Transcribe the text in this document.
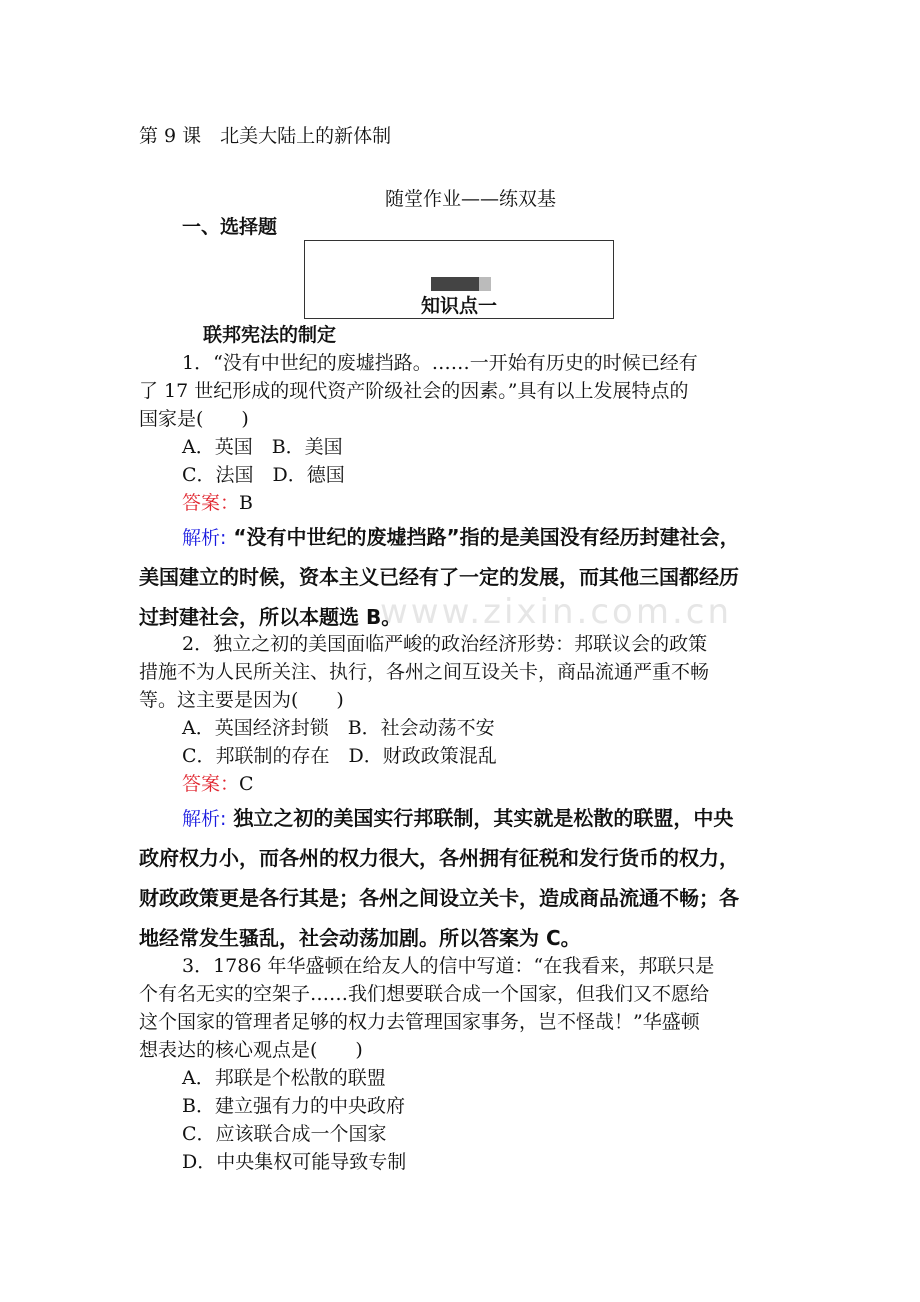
www.zixin.com.cn
第 9 课　北美大陆上的新体制
随堂作业——练双基
一、选择题
知识点一
联邦宪法的制定
1．“没有中世纪的废墟挡路。……一开始有历史的时候已经有
了 17 世纪形成的现代资产阶级社会的因素。”具有以上发展特点的
国家是(　　)
A．英国　B．美国
C．法国　D．德国
答案：B
解析: “没有中世纪的废墟挡路”指的是美国没有经历封建社会，
美国建立的时候，资本主义已经有了一定的发展，而其他三国都经历
过封建社会，所以本题选 B。
2．独立之初的美国面临严峻的政治经济形势：邦联议会的政策
措施不为人民所关注、执行，各州之间互设关卡，商品流通严重不畅
等。这主要是因为(　　)
A．英国经济封锁　B．社会动荡不安
C．邦联制的存在　D．财政政策混乱
答案：C
解析: 独立之初的美国实行邦联制，其实就是松散的联盟，中央
政府权力小，而各州的权力很大，各州拥有征税和发行货币的权力，
财政政策更是各行其是；各州之间设立关卡，造成商品流通不畅；各
地经常发生骚乱，社会动荡加剧。所以答案为 C。
3．1786 年华盛顿在给友人的信中写道：“在我看来，邦联只是
个有名无实的空架子……我们想要联合成一个国家，但我们又不愿给
这个国家的管理者足够的权力去管理国家事务，岂不怪哉！”华盛顿
想表达的核心观点是(　　)
A．邦联是个松散的联盟
B．建立强有力的中央政府
C．应该联合成一个国家
D．中央集权可能导致专制
